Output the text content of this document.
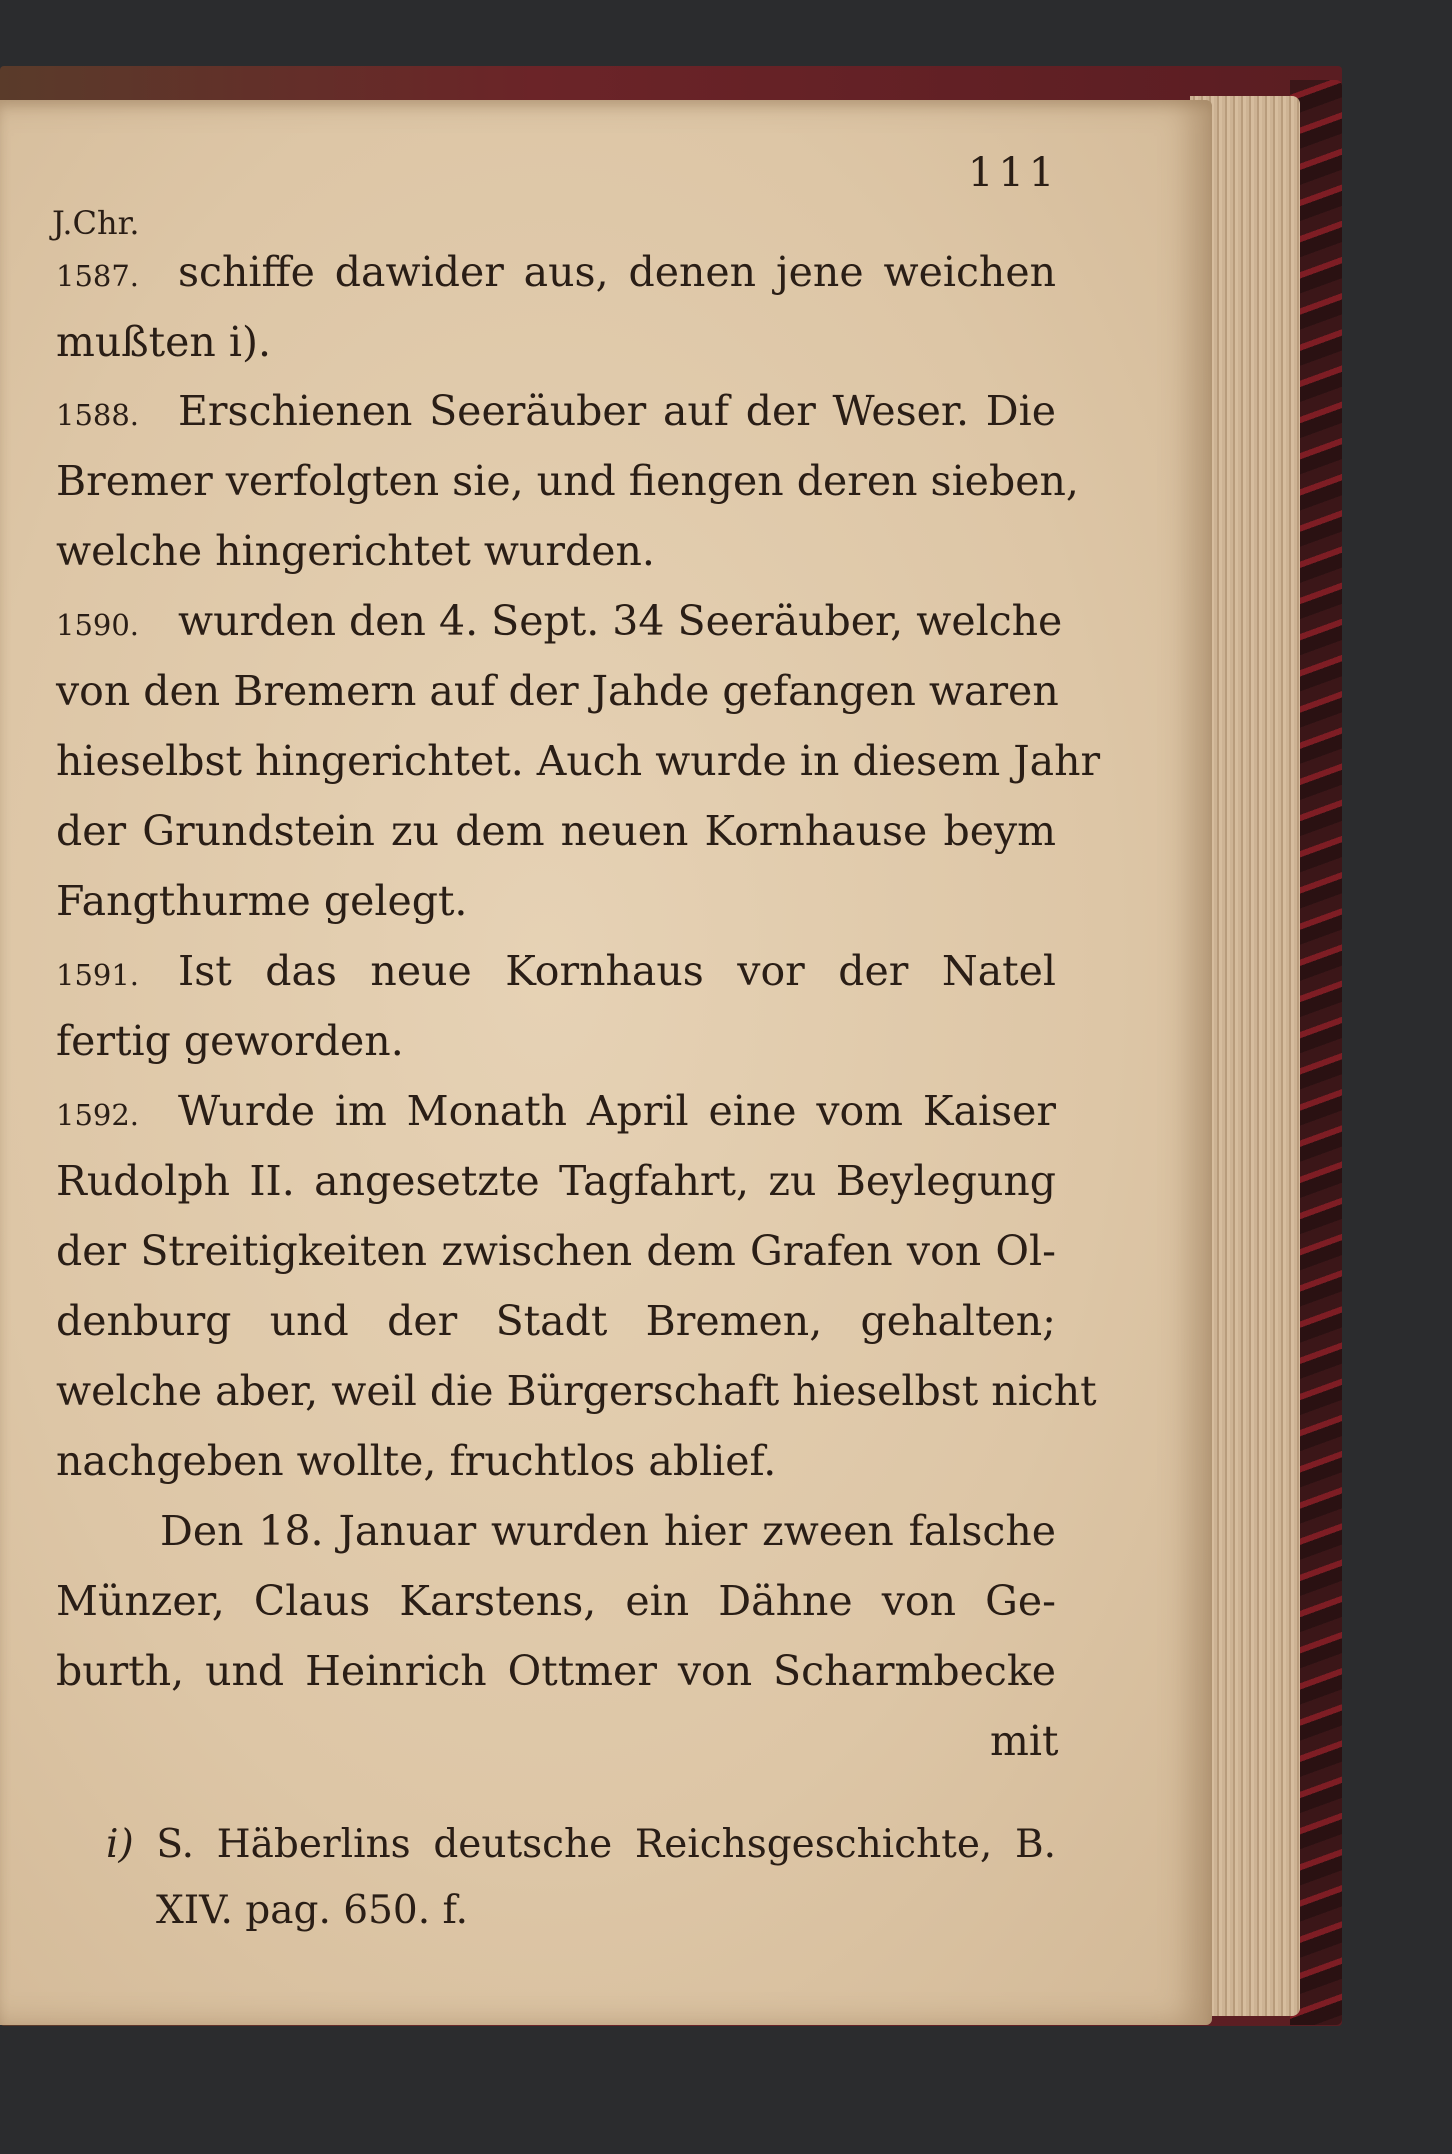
111
J.Chr.
1587. schiffe dawider aus, denen jene weichen
mußten i).
1588. Erschienen Seeräuber auf der Weser. Die
Bremer verfolgten sie, und fiengen deren sieben,
welche hingerichtet wurden.
1590. wurden den 4. Sept. 34 Seeräuber, welche
von den Bremern auf der Jahde gefangen waren
hieselbst hingerichtet. Auch wurde in diesem Jahr
der Grundstein zu dem neuen Kornhause beym
Fangthurme gelegt.
1591. Ist das neue Kornhaus vor der Natel
fertig geworden.
1592. Wurde im Monath April eine vom Kaiser
Rudolph II. angesetzte Tagfahrt, zu Beylegung
der Streitigkeiten zwischen dem Grafen von Ol-
denburg und der Stadt Bremen, gehalten;
welche aber, weil die Bürgerschaft hieselbst nicht
nachgeben wollte, fruchtlos ablief.
Den 18. Januar wurden hier zween falsche
Münzer, Claus Karstens, ein Dähne von Ge-
burth, und Heinrich Ottmer von Scharmbecke
mit
i) S. Häberlins deutsche Reichsgeschichte, B.
XIV. pag. 650. f.
